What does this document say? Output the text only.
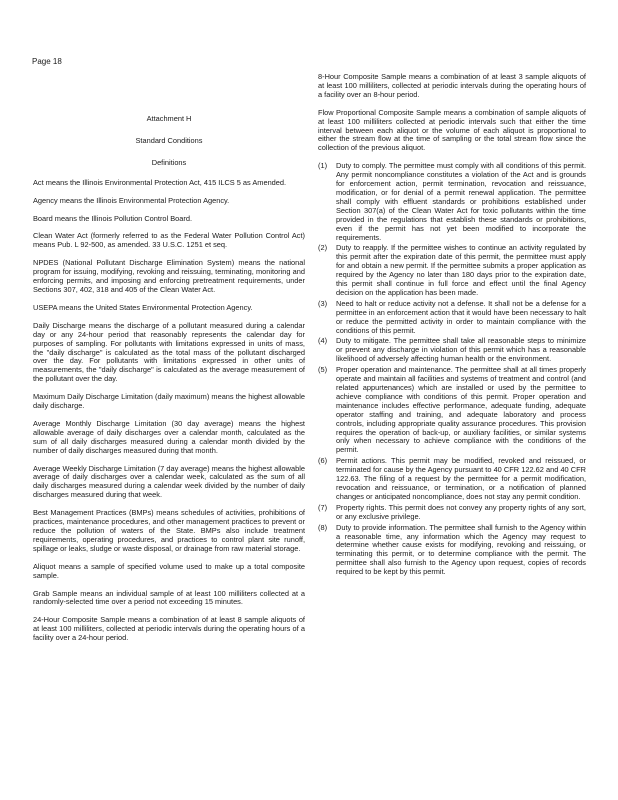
Page 18
Attachment H
Standard Conditions
Definitions

Act means the Illinois Environmental Protection Act, 415 ILCS 5 as Amended.

Agency means the Illinois Environmental Protection Agency.

Board means the Illinois Pollution Control Board.

Clean Water Act (formerly referred to as the Federal Water Pollution Control Act) means Pub. L 92-500, as amended. 33 U.S.C. 1251 et seq.

NPDES (National Pollutant Discharge Elimination System) means the national program for issuing, modifying, revoking and reissuing, terminating, monitoring and enforcing permits, and imposing and enforcing pretreatment requirements, under Sections 307, 402, 318 and 405 of the Clean Water Act.

USEPA means the United States Environmental Protection Agency.

Daily Discharge means the discharge of a pollutant measured during a calendar day or any 24-hour period that reasonably represents the calendar day for purposes of sampling. For pollutants with limitations expressed in units of mass, the "daily discharge" is calculated as the total mass of the pollutant discharged over the day. For pollutants with limitations expressed in other units of measurements, the "daily discharge" is calculated as the average measurement of the pollutant over the day.

Maximum Daily Discharge Limitation (daily maximum) means the highest allowable daily discharge.

Average Monthly Discharge Limitation (30 day average) means the highest allowable average of daily discharges over a calendar month, calculated as the sum of all daily discharges measured during a calendar month divided by the number of daily discharges measured during that month.

Average Weekly Discharge Limitation (7 day average) means the highest allowable average of daily discharges over a calendar week, calculated as the sum of all daily discharges measured during a calendar week divided by the number of daily discharges measured during that week.

Best Management Practices (BMPs) means schedules of activities, prohibitions of practices, maintenance procedures, and other management practices to prevent or reduce the pollution of waters of the State. BMPs also include treatment requirements, operating procedures, and practices to control plant site runoff, spillage or leaks, sludge or waste disposal, or drainage from raw material storage.

Aliquot means a sample of specified volume used to make up a total composite sample.

Grab Sample means an individual sample of at least 100 milliliters collected at a randomly-selected time over a period not exceeding 15 minutes.

24-Hour Composite Sample means a combination of at least 8 sample aliquots of at least 100 milliliters, collected at periodic intervals during the operating hours of a facility over a 24-hour period.

8-Hour Composite Sample means a combination of at least 3 sample aliquots of at least 100 milliliters, collected at periodic intervals during the operating hours of a facility over an 8-hour period.

Flow Proportional Composite Sample means a combination of sample aliquots of at least 100 milliliters collected at periodic intervals such that either the time interval between each aliquot or the volume of each aliquot is proportional to either the stream flow at the time of sampling or the total stream flow since the collection of the previous aliquot.

(1) Duty to comply. The permittee must comply with all conditions of this permit. Any permit noncompliance constitutes a violation of the Act and is grounds for enforcement action, permit termination, revocation and reissuance, modification, or for denial of a permit renewal application. The permittee shall comply with effluent standards or prohibitions established under Section 307(a) of the Clean Water Act for toxic pollutants within the time provided in the regulations that establish these standards or prohibitions, even if the permit has not yet been modified to incorporate the requirements.
(2) Duty to reapply. If the permittee wishes to continue an activity regulated by this permit after the expiration date of this permit, the permittee must apply for and obtain a new permit. If the permittee submits a proper application as required by the Agency no later than 180 days prior to the expiration date, this permit shall continue in full force and effect until the final Agency decision on the application has been made.
(3) Need to halt or reduce activity not a defense. It shall not be a defense for a permittee in an enforcement action that it would have been necessary to halt or reduce the permitted activity in order to maintain compliance with the conditions of this permit.
(4) Duty to mitigate. The permittee shall take all reasonable steps to minimize or prevent any discharge in violation of this permit which has a reasonable likelihood of adversely affecting human health or the environment.
(5) Proper operation and maintenance. The permittee shall at all times properly operate and maintain all facilities and systems of treatment and control (and related appurtenances) which are installed or used by the permittee to achieve compliance with conditions of this permit. Proper operation and maintenance includes effective performance, adequate funding, adequate operator staffing and training, and adequate laboratory and process controls, including appropriate quality assurance procedures. This provision requires the operation of back-up, or auxiliary facilities, or similar systems only when necessary to achieve compliance with the conditions of the permit.
(6) Permit actions. This permit may be modified, revoked and reissued, or terminated for cause by the Agency pursuant to 40 CFR 122.62 and 40 CFR 122.63. The filing of a request by the permittee for a permit modification, revocation and reissuance, or termination, or a notification of planned changes or anticipated noncompliance, does not stay any permit condition.
(7) Property rights. This permit does not convey any property rights of any sort, or any exclusive privilege.
(8) Duty to provide information. The permittee shall furnish to the Agency within a reasonable time, any information which the Agency may request to determine whether cause exists for modifying, revoking and reissuing, or terminating this permit, or to determine compliance with the permit. The permittee shall also furnish to the Agency upon request, copies of records required to be kept by this permit.
